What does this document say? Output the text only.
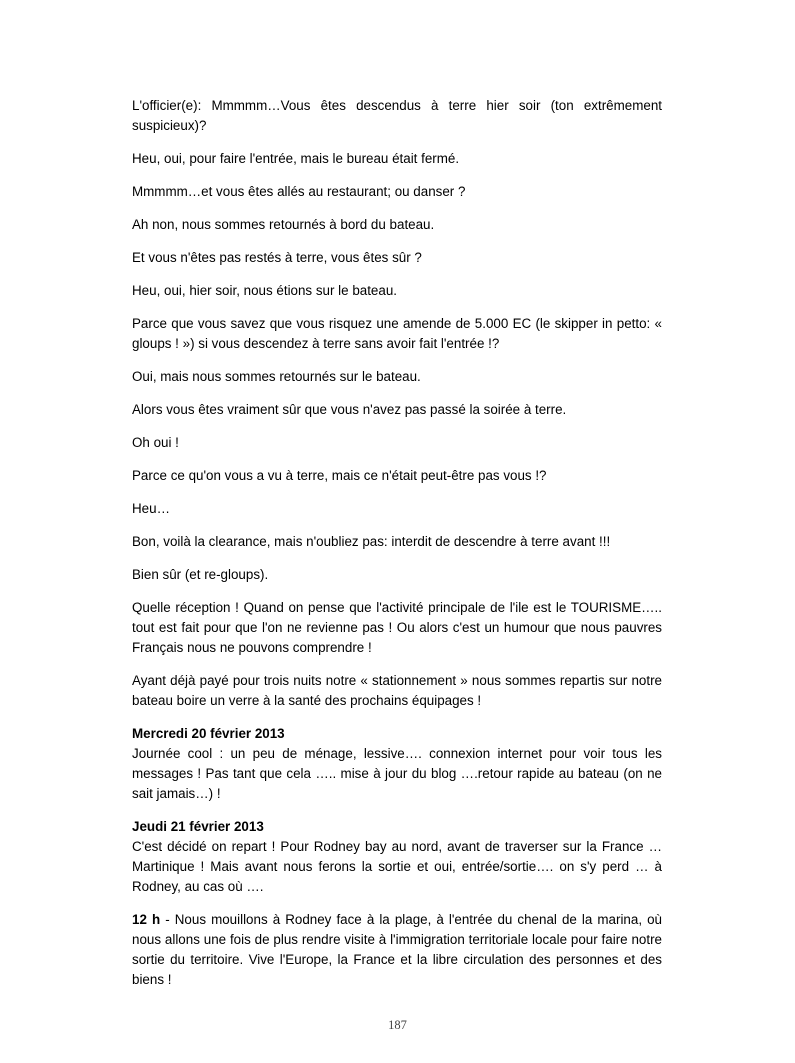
L'officier(e): Mmmmm…Vous êtes descendus à terre hier soir (ton extrêmement suspicieux)?

Heu, oui, pour faire l'entrée, mais le bureau était fermé.

Mmmmm…et vous êtes allés au restaurant; ou danser ?

Ah non, nous sommes retournés à bord du bateau.

Et vous n'êtes pas restés à terre, vous êtes sûr ?

Heu, oui, hier soir, nous étions sur le bateau.

Parce que vous savez que vous risquez une amende de 5.000 EC (le skipper in petto: « gloups ! ») si vous descendez à terre sans avoir fait l'entrée !?

Oui, mais nous sommes retournés sur le bateau.

Alors vous êtes vraiment sûr que vous n'avez pas passé la soirée à terre.

Oh oui !

Parce ce qu'on vous a vu à terre, mais ce n'était peut-être pas vous !?

Heu…

Bon, voilà la clearance, mais n'oubliez pas: interdit de descendre à terre avant !!!

Bien sûr (et re-gloups).

Quelle réception ! Quand on pense que l'activité principale de l'ile est le TOURISME….. tout est fait pour que l'on ne revienne pas ! Ou alors c'est un humour que nous pauvres Français nous ne pouvons comprendre !

Ayant déjà payé pour trois nuits notre « stationnement » nous sommes repartis sur notre bateau boire un verre à la santé des prochains équipages !

Mercredi 20 février 2013

Journée cool : un peu de ménage, lessive…. connexion internet pour voir tous les messages ! Pas tant que cela ….. mise à jour du blog ….retour rapide au bateau (on ne sait jamais…) !

Jeudi 21 février 2013

C'est décidé on repart ! Pour Rodney bay au nord, avant de traverser sur la France … Martinique ! Mais avant nous ferons la sortie et oui, entrée/sortie…. on s'y perd … à Rodney, au cas où ….

12 h - Nous mouillons à Rodney face à la plage, à l'entrée du chenal de la marina, où nous allons une fois de plus rendre visite à l'immigration territoriale locale pour faire notre sortie du territoire. Vive l'Europe, la France et la libre circulation des personnes et des biens !

187
